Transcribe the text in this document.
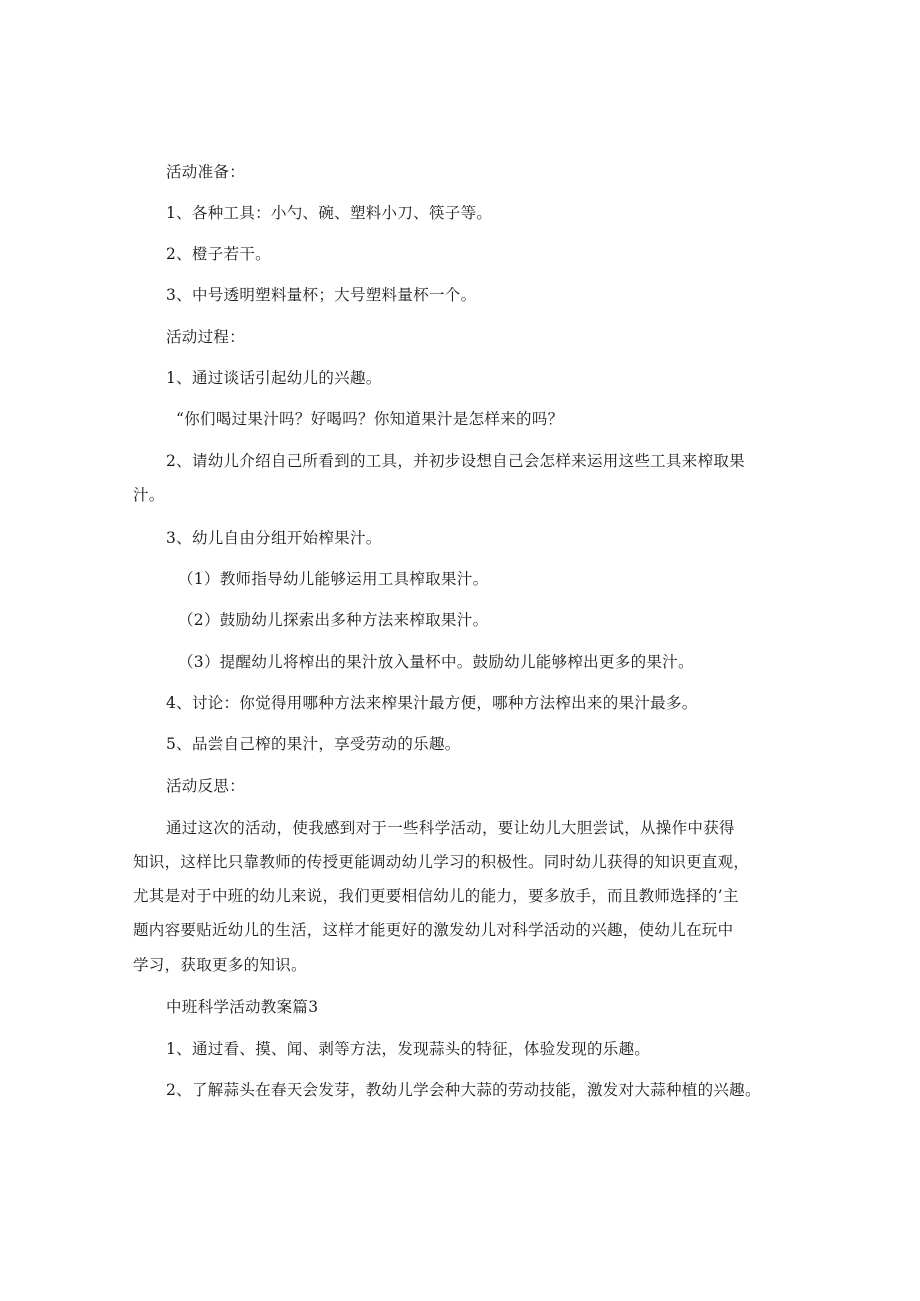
活动准备：
1、各种工具：小勺、碗、塑料小刀、筷子等。
2、橙子若干。
3、中号透明塑料量杯；大号塑料量杯一个。
活动过程：
1、通过谈话引起幼儿的兴趣。
“你们喝过果汁吗？好喝吗？你知道果汁是怎样来的吗？
2、请幼儿介绍自己所看到的工具，并初步设想自己会怎样来运用这些工具来榨取果
汁。
3、幼儿自由分组开始榨果汁。
（1）教师指导幼儿能够运用工具榨取果汁。
（2）鼓励幼儿探索出多种方法来榨取果汁。
（3）提醒幼儿将榨出的果汁放入量杯中。鼓励幼儿能够榨出更多的果汁。
4、讨论：你觉得用哪种方法来榨果汁最方便，哪种方法榨出来的果汁最多。
5、品尝自己榨的果汁，享受劳动的乐趣。
活动反思：
通过这次的活动，使我感到对于一些科学活动，要让幼儿大胆尝试，从操作中获得
知识，这样比只靠教师的传授更能调动幼儿学习的积极性。同时幼儿获得的知识更直观，
尤其是对于中班的幼儿来说，我们更要相信幼儿的能力，要多放手，而且教师选择的’主
题内容要贴近幼儿的生活，这样才能更好的激发幼儿对科学活动的兴趣，使幼儿在玩中
学习，获取更多的知识。
中班科学活动教案篇3
1、通过看、摸、闻、剥等方法，发现蒜头的特征，体验发现的乐趣。
2、了解蒜头在春天会发芽，教幼儿学会种大蒜的劳动技能，激发对大蒜种植的兴趣。
